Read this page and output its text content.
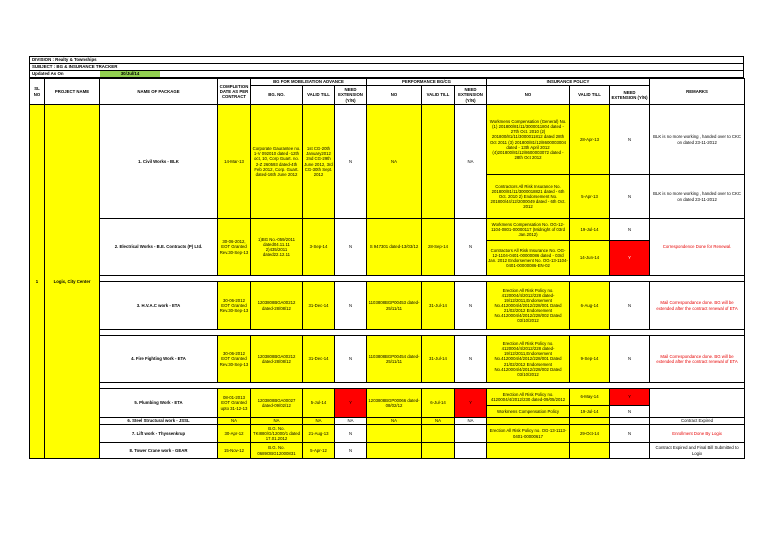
DIVISION : Realty & Townships
SUBJECT : BG & INSURANCE TRACKER
Updated As On	30/Jul/14
SL NO	PROJECT NAME	NAME OF PACKAGE	COMPLETION DATE AS PER CONTRACT	BG FOR MOBILISATION ADVANCE			PERFORMANCE BG/CG			INSURANCE POLICY			REMARKS
				BG. NO.	VALID TILL	NEED EXTENSION (Y/N)	NO	VALID TILL	NEED EXTENSION (Y/N)	NO	VALID TILL	NEED EXTENSION (Y/N)	
1	Logix, City Center	1. Civil Works - BLK	14-Mar-13	Corporate Gaurantee no. 1-V 092010 dated -12th oct, 10, Corp Guart. no. 2-Z 260593 dated-4th Feb 2012, Corp. Guart. dated-16th June 2012	1st CG-20th January2012 2nd CG-29th June 2012, 3rd CG-30th Sept. 2012	N	NA		NA	Workmens Compensation (General) No. (1) 201800/81/11/3000011804 dated - 27th Oct. 2010 (2) 201800/81/11/3000011812 dated 28th Oct 2011 (3) 201800/81/12/8600003004 dated - 13th April 2012 (4)201800/81/12/8600003072 dated - 28th Oct 2012	28-Apr-13	N	BLK is no more working , handed over to CKC on dated 23-11-2012
										Contractors All Risk Insurance No. 201800/81/11/3000018821 dated - 6th Oct. 2010 2) Endorsement No. 201800/44/12/2000049 dated - 6th Oct. 2012	5-Apr-13	N	BLK is no more working , handed over to CKC on dated 23-11-2012
		2. Electrical Works - B.E. Contracts (P) Ltd.	30-06-2012, EOT Granted Rev.30-Sep-13	1)BG No.-059/2011 dated04.11.11 2)435/2011 dated22.12.11	3-Sep-14	N	S 947301 dated-13/03/12	28-Sep-14	N	Workmens Compensation No. OG-12-1104-0801-00000117 (Midnight of 03rd Jan.2012)	19-Jul-14	N	Correspondence Done for Renewal.
										Contractors All Risk Insurance No. OG-12-1104-0401-00000086 dated - 03rd Jan. 2012 Endorsement No. OG-13-1104-0401-00000086-EN-02	14-Jun-14	Y	

		3. H.V.A.C work - ETA	30-06-2012 EOT Granted Rev.30-Sep-13	1203808BGA00212 dated-28/08/12	31-Dec-14	N	1103808BGP00453 dated-25/11/11	31-Jul-14	N	Erection All Risk Policy no. 4120004/4/2012/228 dated-19/12/2011,Endorsement No.4120004/4/2012/228/001 Dated 21/02/2012 Endorsement No.4120004/4/2012/228/002 Dated 03/10/2012	6-Aug-14	N	Mail Correspondance done. BG will be extended after the contract renewal of ETA

		4. Fire Fighting Work - ETA	30-06-2012 EOT Granted Rev.30-Sep-13	1203808BGA00212 dated-28/08/12	31-Dec-14	N	1103808BGP00454 dated-25/11/11	31-Jul-14	N	Erection All Risk Policy no. 4120004/4/2012/228 dated-19/12/2011,Endorsement No.4120004/4/2012/228/001 Dated 21/02/2012 Endorsement No.4120004/4/2012/228/002 Dated 03/10/2012	9-Sep-14	N	Mail Correspondance done. BG will be extended after the contract renewal of ETA

		5. Plumbing Work - ETA	08-01-2013 EOT Granted upto 31-12-13	1203808BGA00027 dated-09/02/12	5-Jul-14	Y	1203808BGP00066 dated-08/02/12	6-Jul-14	Y	Erection All Risk Policy no. 4120004/4/2012/230 dated-09/05/2012	6-May-14	Y	
										Workmens Compensation Policy	19-Jul-14	N	
		6. Steel Structural work - JSSL	NA	NA	NA	NA	NA	NA	NA				Contract Expired
		7. Lift work - Thyssenkrup	30-Apr-12	B.G. No. TKI880/G/12000/1 dated 17.01.2012	21-Aug-13	N				Erection All Risk Policy no. OG-13-1113-0401-00000617	29-Oct-14	N	Enrollment Done By Logix
		8. Tower Crane work - GEAR	15-Nov-12	B.G. No. 0689OBG12000831	5-Apr-12	N							Contract Expired and Final Bill Submitted to Logix
